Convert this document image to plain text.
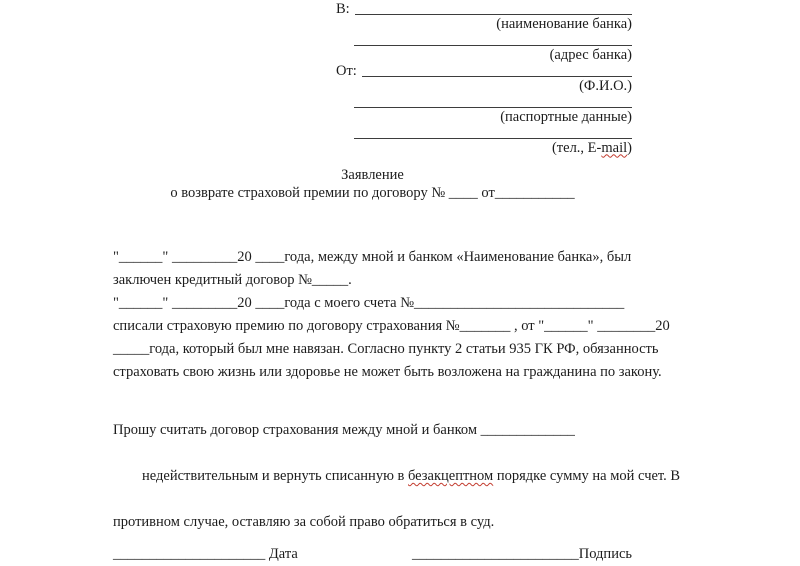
В:
(наименование банка)
(адрес банка)
От:
(Ф.И.О.)
(паспортные данные)
(тел., E-mail)
Заявление
о возврате страховой премии по договору № ____ от___________
"______" _________20 ____года, между мной и банком «Наименование банка», был
заключен кредитный договор №_____.
"______" _________20 ____года с моего счета №_____________________________
списали страховую премию по договору страхования №_______ , от "______" ________20
_____года, который был мне навязан. Согласно пункту 2 статьи 935 ГК РФ, обязанность
страховать свою жизнь или здоровье не может быть возложена на гражданина по закону.
Прошу считать договор страхования между мной и банком _____________

недействительным и вернуть списанную в безакцептном порядке сумму на мой счет. В

противном случае, оставляю за собой право обратиться в суд.
_____________________ Дата	_______________________Подпись
